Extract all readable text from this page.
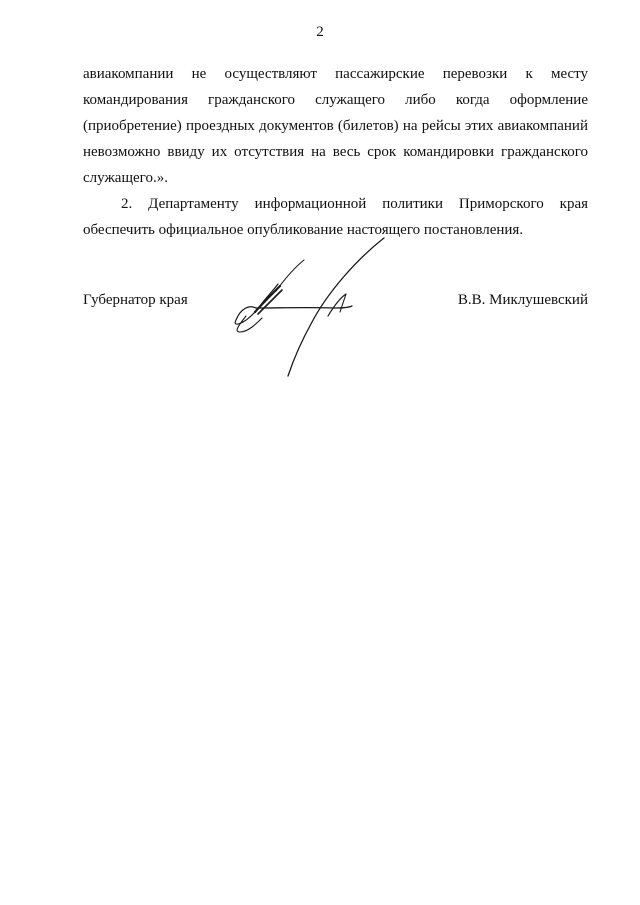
2
авиакомпании не осуществляют пассажирские перевозки к месту
командирования гражданского служащего либо когда оформление
(приобретение) проездных документов (билетов) на рейсы этих авиакомпаний
невозможно ввиду их отсутствия на весь срок командировки гражданского
служащего.».
2. Департаменту информационной политики Приморского края
обеспечить официальное опубликование настоящего постановления.
Губернатор края	В.В. Миклушевский
